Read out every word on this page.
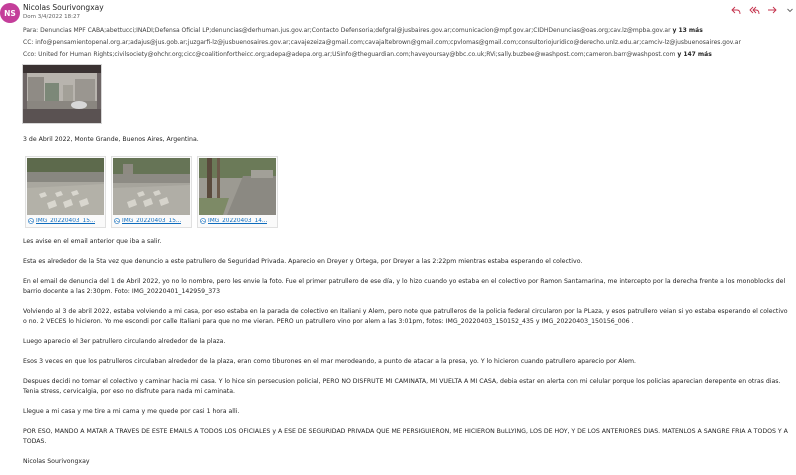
NS
Nicolas Sourivongxay
Dom 3/4/2022 18:27
Para: Denuncias MPF CABA;abettucci;INADI;Defensa Oficial LP;denuncias@derhuman.jus.gov.ar;Contacto Defensoria;defgral@jusbaires.gov.ar;comunicacion@mpf.gov.ar;CIDHDenuncias@oas.org;cav.lz@mpba.gov.ar y 13 más
CC: info@pensamientopenal.org.ar;adajus@jus.gob.ar;juzgarfi-lz@jusbuenosaires.gov.ar;cavajezeiza@gmail.com;cavajaltebrown@gmail.com;cpvlomas@gmail.com;consultoriojuridico@derecho.unlz.edu.ar;camciv-lz@jusbuenosaires.gov.ar
Cco: United for Human Rights;civilsociety@ohchr.org;cicc@coalitionfortheicc.org;adepa@adepa.org.ar;USinfo@theguardian.com;haveyoursay@bbc.co.uk;RVi;sally.buzbee@washpost.com;cameron.barr@washpost.com y 147 más
3 de Abril 2022, Monte Grande, Buenos Aires, Argentina.
IMG_20220403_15...	IMG_20220403_15...	IMG_20220403_14...
Les avise en el email anterior que iba a salir.
Esta es alrededor de la 5ta vez que denuncio a este patrullero de Seguridad Privada. Aparecio en Dreyer y Ortega, por Dreyer a las 2:22pm mientras estaba esperando el colectivo.
En el email de denuncia del 1 de Abril 2022, yo no lo nombre, pero les envie la foto. Fue el primer patrullero de ese día, y lo hizo cuando yo estaba en el colectivo por Ramon Santamarina, me intercepto por la derecha frente a los monoblocks del barrio docente a las 2:30pm. Foto: IMG_20220401_142959_373
Volviendo al 3 de abril 2022, estaba volviendo a mi casa, por eso estaba en la parada de colectivo en Italiani y Alem, pero note que patrulleros de la policia federal circularon por la PLaza, y esos patrullero veian si yo estaba esperando el colectivo o no. 2 VECES lo hicieron. Yo me escondi por calle Italiani para que no me vieran. PERO un patrullero vino por alem a las 3:01pm, fotos: IMG_20220403_150152_435 y IMG_20220403_150156_006 .
Luego aparecio el 3er patrullero circulando alrededor de la plaza.
Esos 3 veces en que los patrulleros circulaban alrededor de la plaza, eran como tiburones en el mar merodeando, a punto de atacar a la presa, yo. Y lo hicieron cuando patrullero aparecio por Alem.
Despues decidi no tomar el colectivo y caminar hacia mi casa. Y lo hice sin persecusion policial, PERO NO DISFRUTE MI CAMINATA, MI VUELTA A MI CASA, debia estar en alerta con mi celular porque los policias aparecian derepente en otras dias. Tenia stress, cervicalgia, por eso no disfrute para nada mi caminata.
Llegue a mi casa y me tire a mi cama y me quede por casi 1 hora alli.
POR ESO, MANDO A MATAR A TRAVES DE ESTE EMAILS A TODOS LOS OFICIALES y A ESE DE SEGURIDAD PRIVADA QUE ME PERSIGUIERON, ME HICIERON BuLLYING, LOS DE HOY, Y DE LOS ANTERIORES DIAS. MATENLOS A SANGRE FRIA A TODOS Y A TODAS.
Nicolas Sourivongxay
